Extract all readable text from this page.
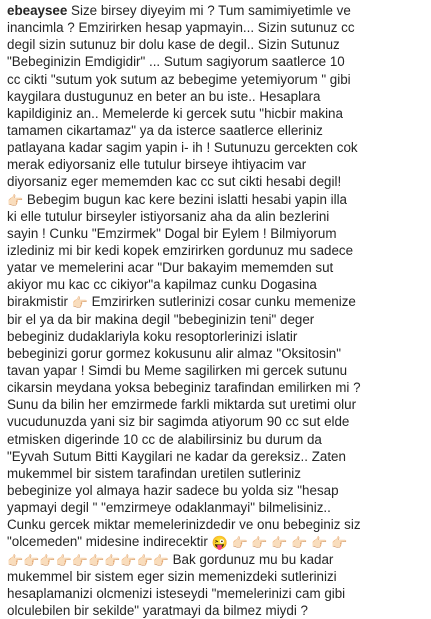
ebeaysee Size birsey diyeyim mi ? Tum samimiyetimle ve
inancimla ? Emzirirken hesap yapmayin... Sizin sutunuz cc
degil sizin sutunuz bir dolu kase de degil.. Sizin Sutunuz
"Bebeginizin Emdigidir" ... Sutum sagiyorum saatlerce 10
cc cikti "sutum yok sutum az bebegime yetemiyorum " gibi
kaygilara dustugunuz en beter an bu iste.. Hesaplara
kapildiginiz an.. Memelerde ki gercek sutu "hicbir makina
tamamen cikartamaz" ya da isterce saatlerce elleriniz
patlayana kadar sagim yapin i- ih ! Sutunuzu gercekten cok
merak ediyorsaniz elle tutulur birseye ihtiyacim var
diyorsaniz eger mememden kac cc sut cikti hesabi degil!
👉🏻 Bebegim bugun kac kere bezini islatti hesabi yapin illa
ki elle tutulur birseyler istiyorsaniz aha da alin bezlerini
sayin ! Cunku "Emzirmek" Dogal bir Eylem ! Bilmiyorum
izlediniz mi bir kedi kopek emzirirken gordunuz mu sadece
yatar ve memelerini acar "Dur bakayim mememden sut
akiyor mu kac cc cikiyor"a kapilmaz cunku Dogasina
birakmistir 👉🏻 Emzirirken sutlerinizi cosar cunku memenize
bir el ya da bir makina degil "bebeginizin teni" deger
bebeginiz dudaklariyla koku resoptorlerinizi islatir
bebeginizi gorur gormez kokusunu alir almaz "Oksitosin"
tavan yapar ! Simdi bu Meme sagilirken mi gercek sutunu
cikarsin meydana yoksa bebeginiz tarafindan emilirken mi ?
Sunu da bilin her emzirmede farkli miktarda sut uretimi olur
vucudunuzda yani siz bir sagimda atiyorum 90 cc sut elde
etmisken digerinde 10 cc de alabilirsiniz bu durum da
"Eyvah Sutum Bitti Kaygilari ne kadar da gereksiz.. Zaten
mukemmel bir sistem tarafindan uretilen sutleriniz
bebeginize yol almaya hazir sadece bu yolda siz "hesap
yapmayi degil " "emzirmeye odaklanmayi" bilmelisiniz..
Cunku gercek miktar memelerinizdedir ve onu bebeginiz siz
"olcemeden" midesine indirecektir 😜 👉🏻 👉🏻 👉🏻 👉🏻 👉🏻 👉🏻
👉🏻👉🏻👉🏻👉🏻👉🏻👉🏻👉🏻👉🏻👉🏻👉🏻 Bak gordunuz mu bu kadar
mukemmel bir sistem eger sizin memenizdeki sutlerinizi
hesaplamanizi olcmenizi isteseydi "memelerinizi cam gibi
olculebilen bir sekilde" yaratmayi da bilmez miydi ?
